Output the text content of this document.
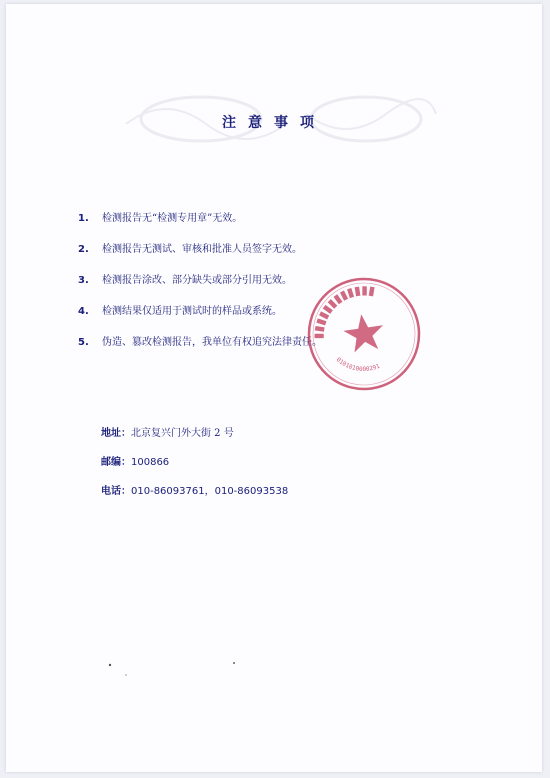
注意事项
1. 检测报告无“检测专用章”无效。
2. 检测报告无测试、审核和批准人员签字无效。
3. 检测报告涂改、部分缺失或部分引用无效。
4. 检测结果仅适用于测试时的样品或系统。
5. 伪造、篡改检测报告，我单位有权追究法律责任。
▮▮▮▮▮▮▮▮▮▮▮▮
0101010000291
地址：北京复兴门外大街 2 号
邮编：100866
电话：010-86093761，010-86093538
